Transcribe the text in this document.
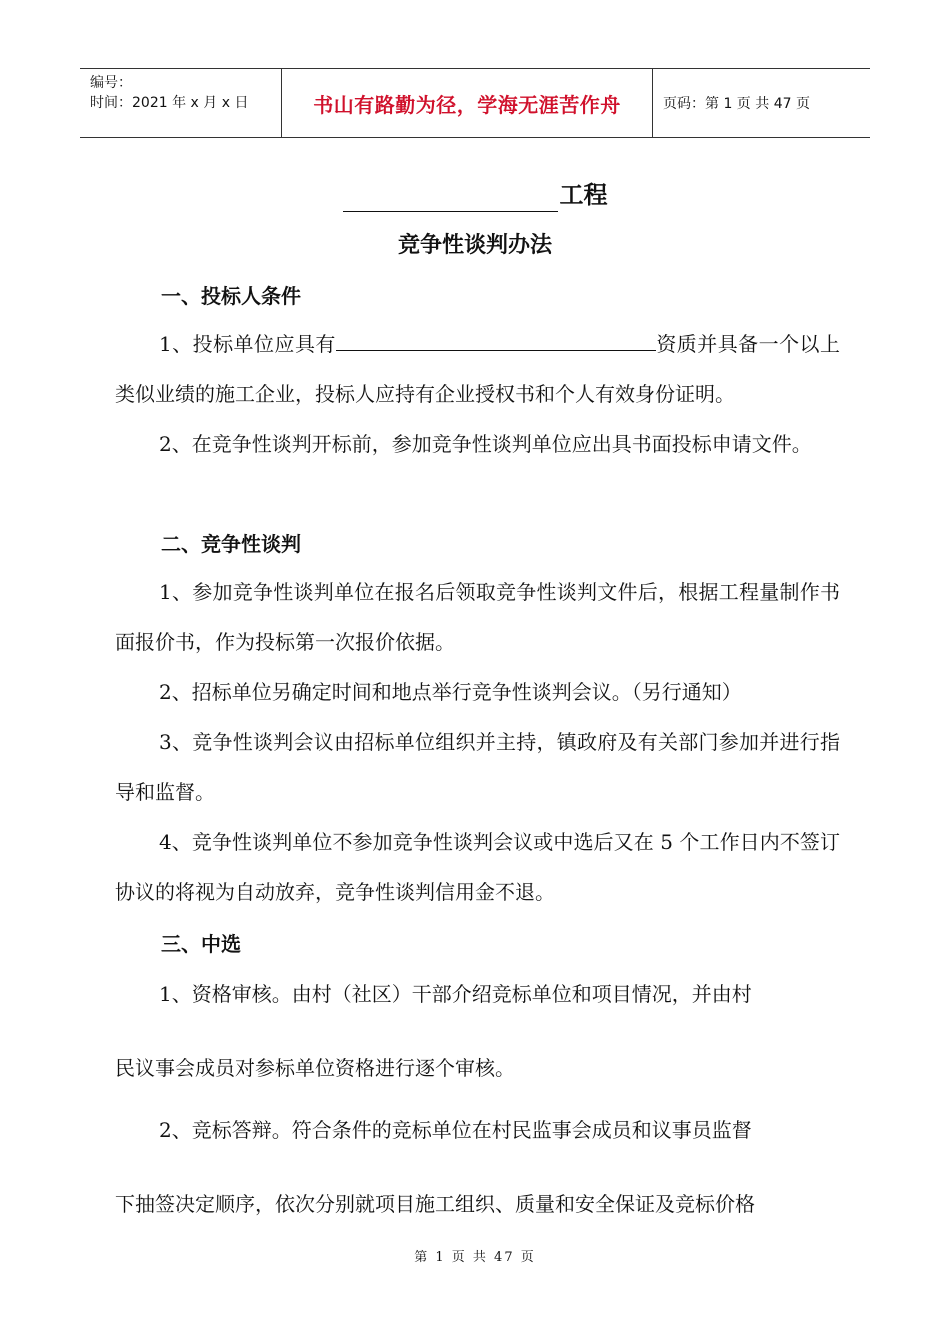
编号：
时间：2021 年 x 月 x 日	书山有路勤为径，学海无涯苦作舟	页码：第 1 页 共 47 页
工程
竞争性谈判办法
一、投标人条件
1、投标单位应具有	资质并具备一个以上类似业绩的施工企业，投标人应持有企业授权书和个人有效身份证明。
2、在竞争性谈判开标前，参加竞争性谈判单位应出具书面投标申请文件。
二、竞争性谈判
1、参加竞争性谈判单位在报名后领取竞争性谈判文件后，根据工程量制作书面报价书，作为投标第一次报价依据。
2、招标单位另确定时间和地点举行竞争性谈判会议。（另行通知）
3、竞争性谈判会议由招标单位组织并主持，镇政府及有关部门参加并进行指导和监督。
4、竞争性谈判单位不参加竞争性谈判会议或中选后又在 5 个工作日内不签订协议的将视为自动放弃，竞争性谈判信用金不退。
三、中选
1、资格审核。由村（社区）干部介绍竞标单位和项目情况，并由村
民议事会成员对参标单位资格进行逐个审核。
2、竞标答辩。符合条件的竞标单位在村民监事会成员和议事员监督
下抽签决定顺序，依次分别就项目施工组织、质量和安全保证及竞标价格
第 1 页 共 47 页
